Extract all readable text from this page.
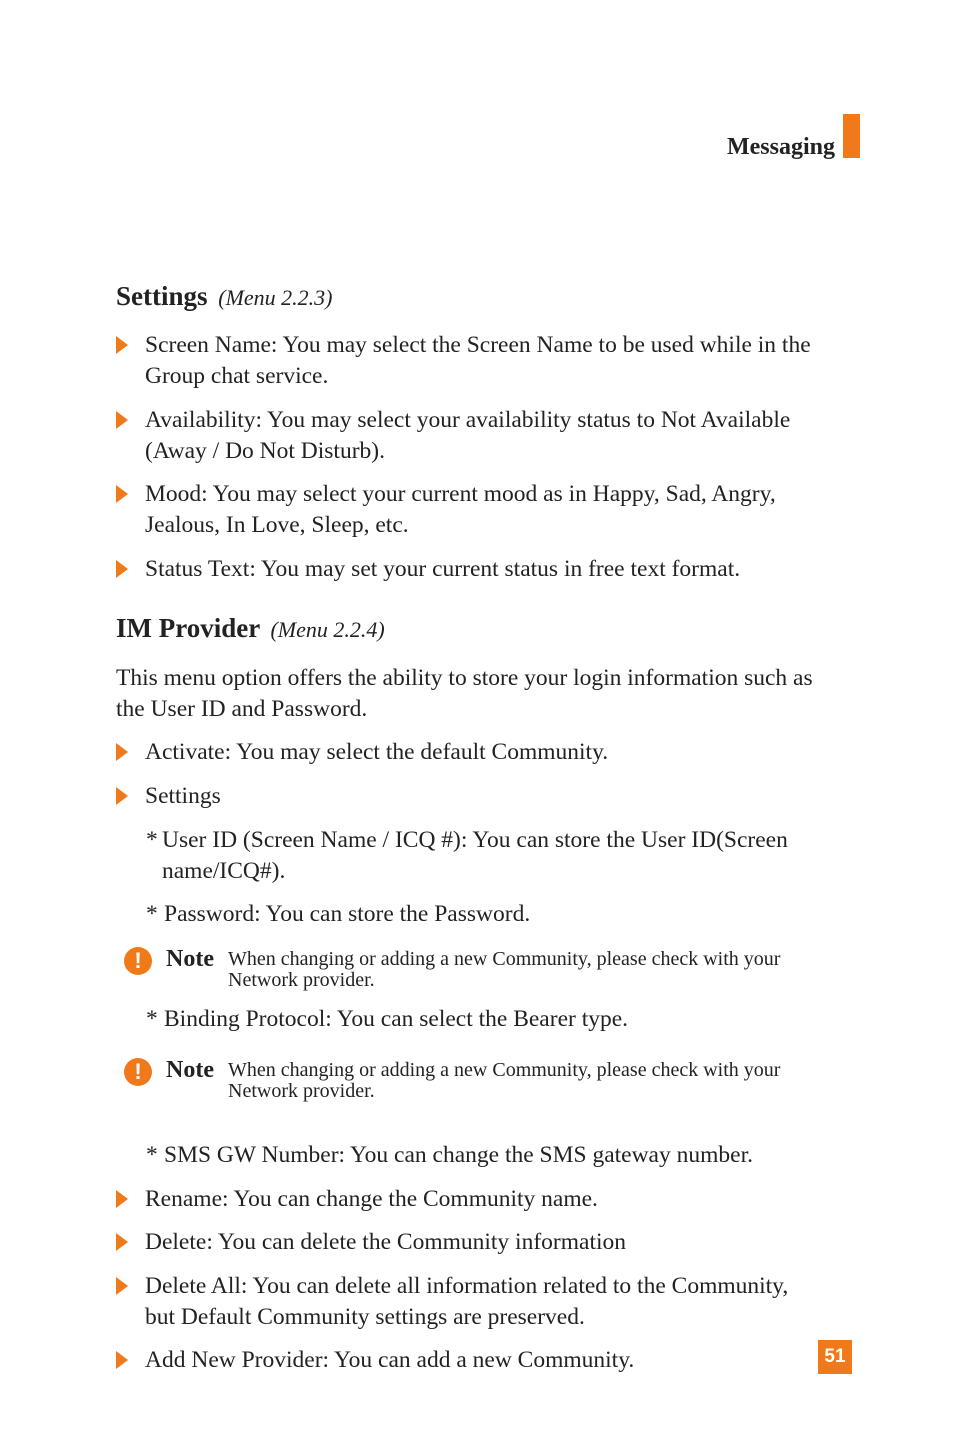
Messaging
Settings (Menu 2.2.3)
Screen Name: You may select the Screen Name to be used while in the
Group chat service.
Availability: You may select your availability status to Not Available
(Away / Do Not Disturb).
Mood: You may select your current mood as in Happy, Sad, Angry,
Jealous, In Love, Sleep, etc.
Status Text: You may set your current status in free text format.
IM Provider (Menu 2.2.4)
This menu option offers the ability to store your login information such as
the User ID and Password.
Activate: You may select the default Community.
Settings
* User ID (Screen Name / ICQ #): You can store the User ID(Screen
name/ICQ#).
* Password: You can store the Password.
!	Note When changing or adding a new Community, please check with your
Network provider.
* Binding Protocol: You can select the Bearer type.
!	Note When changing or adding a new Community, please check with your
Network provider.
* SMS GW Number: You can change the SMS gateway number.
Rename: You can change the Community name.
Delete: You can delete the Community information
Delete All: You can delete all information related to the Community,
but Default Community settings are preserved.
Add New Provider: You can add a new Community.	51
